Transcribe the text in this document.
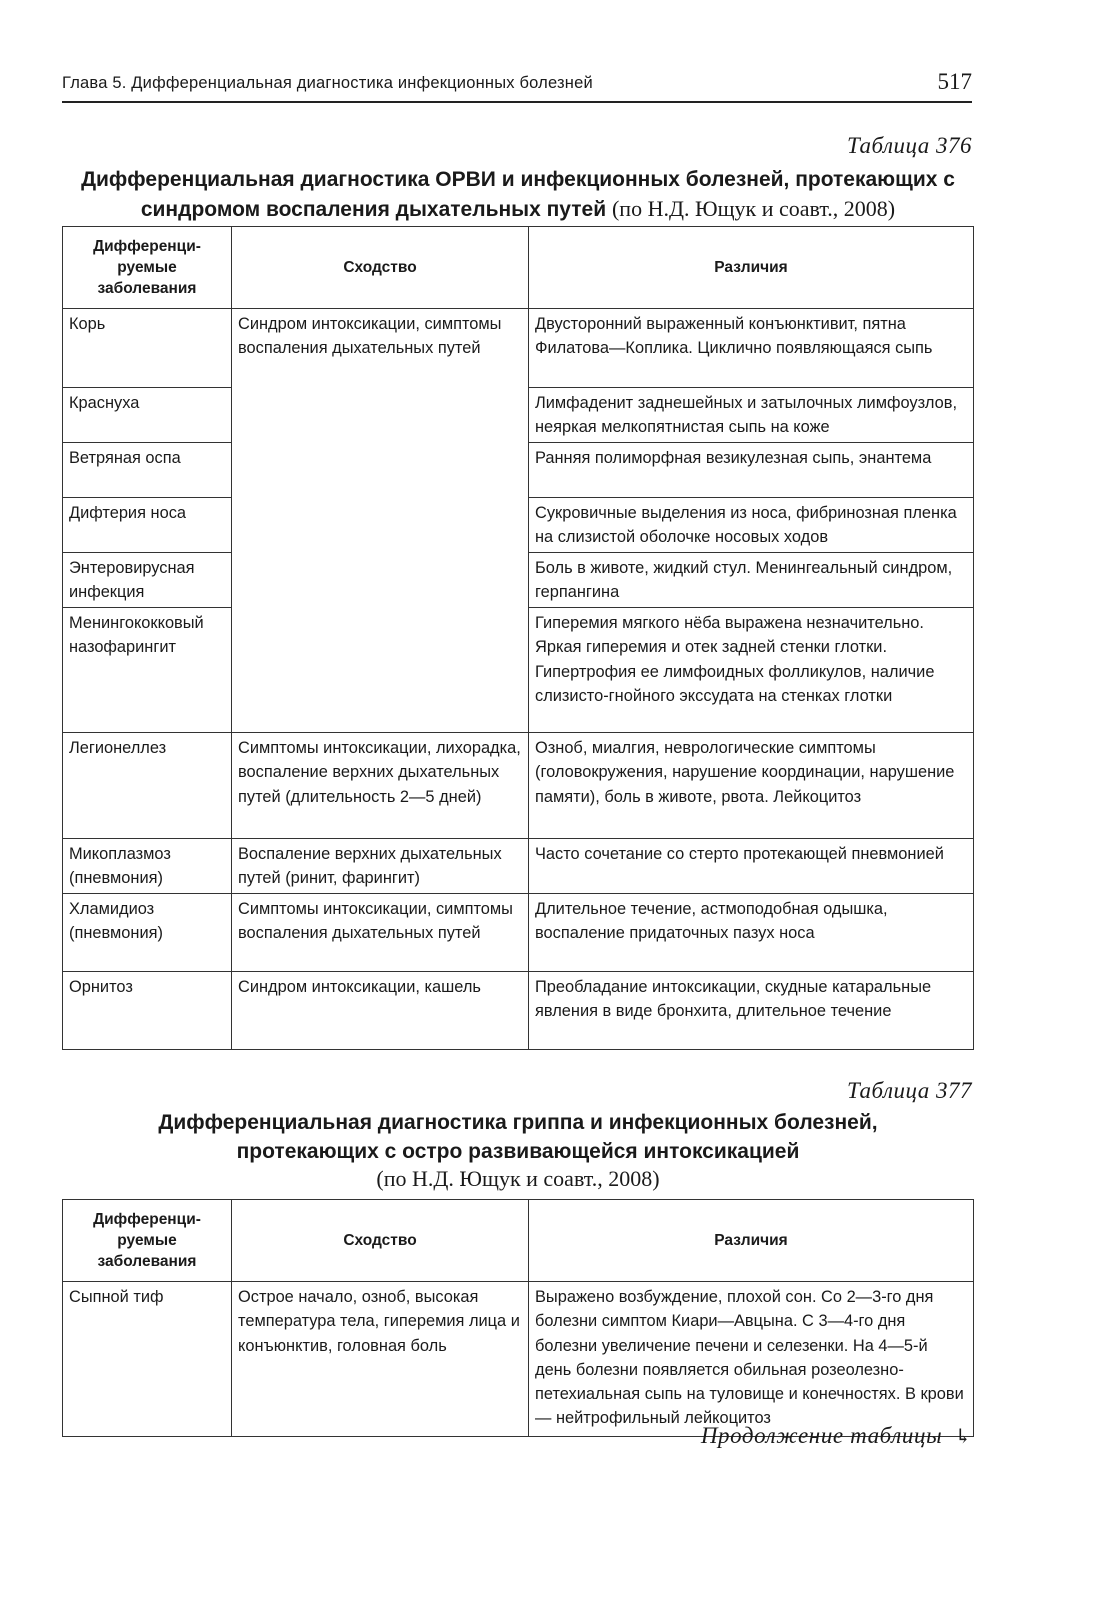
Глава 5. Дифференциальная диагностика инфекционных болезней	517
Таблица 376
Дифференциальная диагностика ОРВИ и инфекционных болезней, протекающих с синдромом воспаления дыхательных путей (по Н.Д. Ющук и соавт., 2008)
Дифференци-руемые заболевания	Сходство	Различия
Корь	Синдром интоксикации, симптомы воспаления дыхательных путей	Двусторонний выраженный конъюнктивит, пятна Филатова—Коплика. Циклично появляющаяся сыпь
Краснуха		Лимфаденит заднешейных и затылочных лимфоузлов, неяркая мелкопятнистая сыпь на коже
Ветряная оспа		Ранняя полиморфная везикулезная сыпь, энантема
Дифтерия носа		Сукровичные выделения из носа, фибринозная пленка на слизистой оболочке носовых ходов
Энтеровирусная инфекция		Боль в животе, жидкий стул. Менингеальный синдром, герпангина
Менингококковый назофарингит		Гиперемия мягкого нёба выражена незначительно. Яркая гиперемия и отек задней стенки глотки. Гипертрофия ее лимфоидных фолликулов, наличие слизисто-гнойного экссудата на стенках глотки
Легионеллез	Симптомы интоксикации, лихорадка, воспаление верхних дыхательных путей (длительность 2—5 дней)	Озноб, миалгия, неврологические симптомы (головокружения, нарушение координации, нарушение памяти), боль в животе, рвота. Лейкоцитоз
Микоплазмоз (пневмония)	Воспаление верхних дыхательных путей (ринит, фарингит)	Часто сочетание со стерто протекающей пневмонией
Хламидиоз (пневмония)	Симптомы интоксикации, симптомы воспаления дыхательных путей	Длительное течение, астмоподобная одышка, воспаление придаточных пазух носа
Орнитоз	Синдром интоксикации, кашель	Преобладание интоксикации, скудные катаральные явления в виде бронхита, длительное течение
Таблица 377
Дифференциальная диагностика гриппа и инфекционных болезней,
протекающих с остро развивающейся интоксикацией
(по Н.Д. Ющук и соавт., 2008)
Дифференци-руемые заболевания	Сходство	Различия
Сыпной тиф	Острое начало, озноб, высокая температура тела, гиперемия лица и конъюнктив, головная боль	Выражено возбуждение, плохой сон. Со 2—3-го дня болезни симптом Киари—Авцына. С 3—4-го дня болезни увеличение печени и селезенки. На 4—5-й день болезни появляется обильная розеолезно-петехиальная сыпь на туловище и конечностях. В крови — нейтрофильный лейкоцитоз
Продолжение таблицы ↳
